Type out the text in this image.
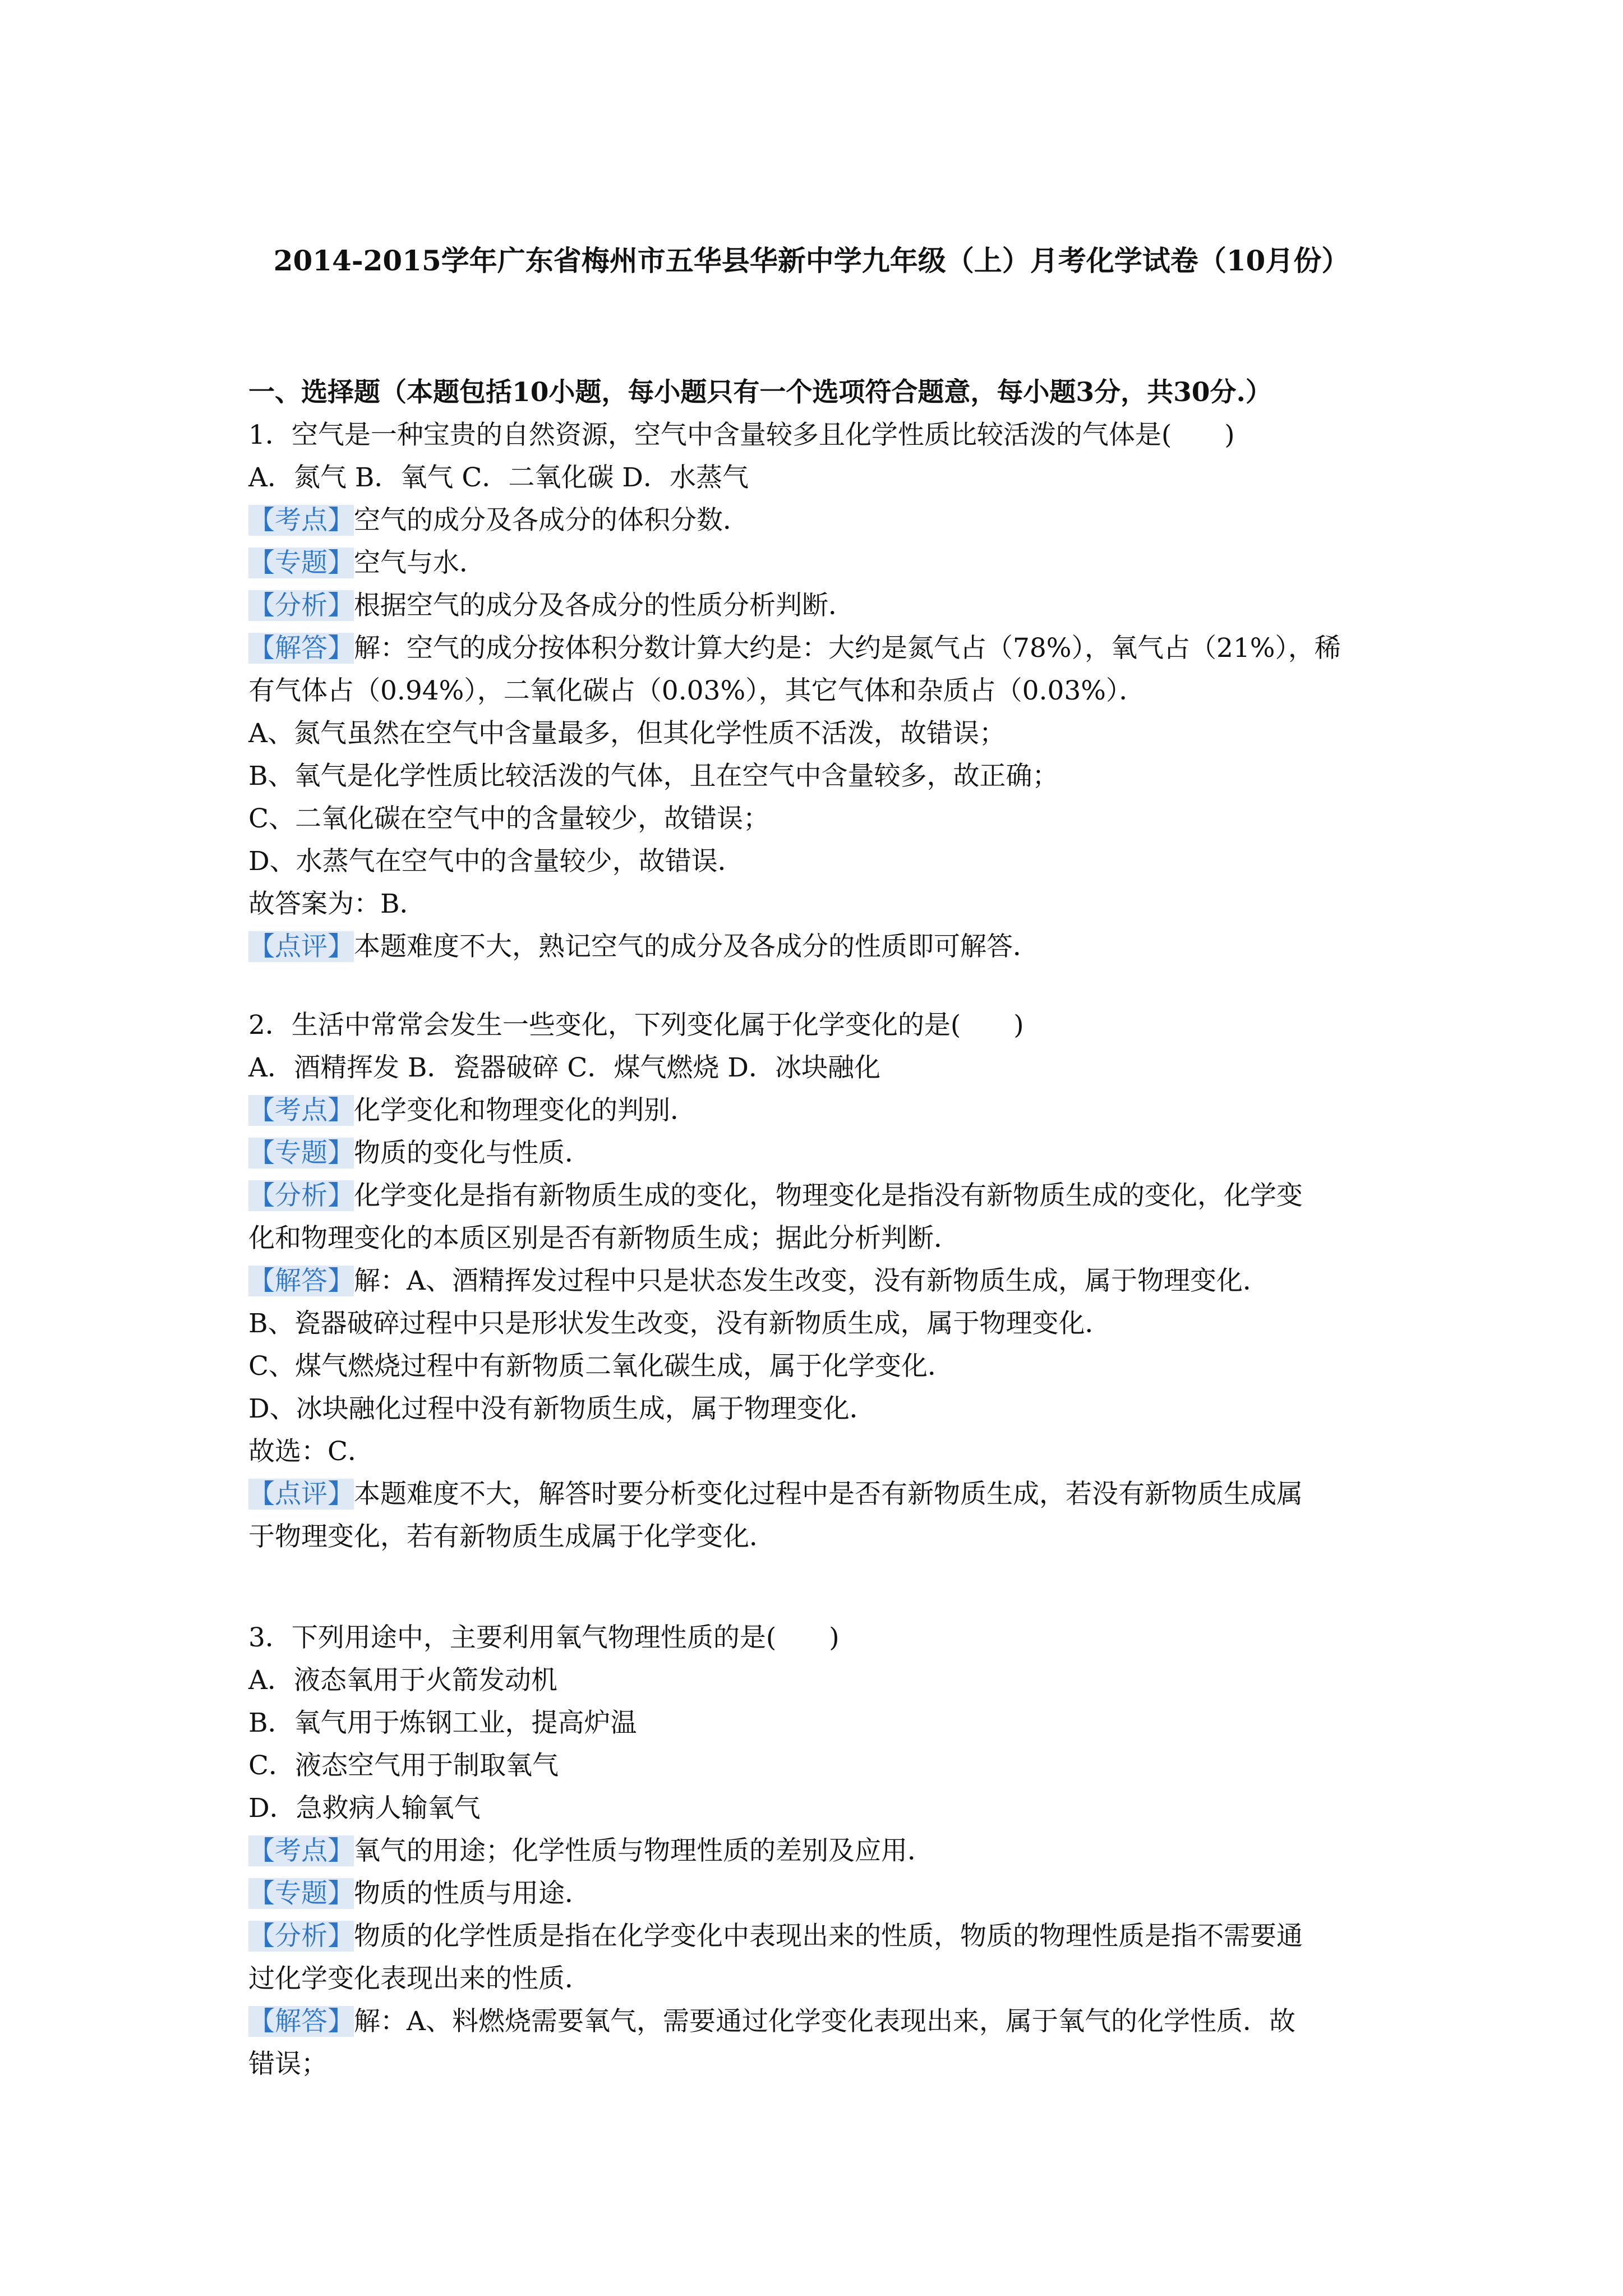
2014-2015学年广东省梅州市五华县华新中学九年级（上）月考化学试卷（10月份）
一、选择题（本题包括10小题，每小题只有一个选项符合题意，每小题3分，共30分.）
1．空气是一种宝贵的自然资源，空气中含量较多且化学性质比较活泼的气体是(　　)
A．氮气 B．氧气 C．二氧化碳 D．水蒸气
【考点】空气的成分及各成分的体积分数．
【专题】空气与水．
【分析】根据空气的成分及各成分的性质分析判断．
【解答】解：空气的成分按体积分数计算大约是：大约是氮气占（78%），氧气占（21%），稀
有气体占（0.94%），二氧化碳占（0.03%），其它气体和杂质占（0.03%）．
A、氮气虽然在空气中含量最多，但其化学性质不活泼，故错误；
B、氧气是化学性质比较活泼的气体，且在空气中含量较多，故正确；
C、二氧化碳在空气中的含量较少，故错误；
D、水蒸气在空气中的含量较少，故错误．
故答案为：B．
【点评】本题难度不大，熟记空气的成分及各成分的性质即可解答．
2．生活中常常会发生一些变化，下列变化属于化学变化的是(　　)
A．酒精挥发 B．瓷器破碎 C．煤气燃烧 D．冰块融化
【考点】化学变化和物理变化的判别．
【专题】物质的变化与性质．
【分析】化学变化是指有新物质生成的变化，物理变化是指没有新物质生成的变化，化学变
化和物理变化的本质区别是否有新物质生成；据此分析判断．
【解答】解：A、酒精挥发过程中只是状态发生改变，没有新物质生成，属于物理变化．
B、瓷器破碎过程中只是形状发生改变，没有新物质生成，属于物理变化．
C、煤气燃烧过程中有新物质二氧化碳生成，属于化学变化．
D、冰块融化过程中没有新物质生成，属于物理变化．
故选：C．
【点评】本题难度不大，解答时要分析变化过程中是否有新物质生成，若没有新物质生成属
于物理变化，若有新物质生成属于化学变化．
3．下列用途中，主要利用氧气物理性质的是(　　)
A．液态氧用于火箭发动机
B．氧气用于炼钢工业，提高炉温
C．液态空气用于制取氧气
D．急救病人输氧气
【考点】氧气的用途；化学性质与物理性质的差别及应用．
【专题】物质的性质与用途．
【分析】物质的化学性质是指在化学变化中表现出来的性质，物质的物理性质是指不需要通
过化学变化表现出来的性质．
【解答】解：A、料燃烧需要氧气，需要通过化学变化表现出来，属于氧气的化学性质．故
错误；
